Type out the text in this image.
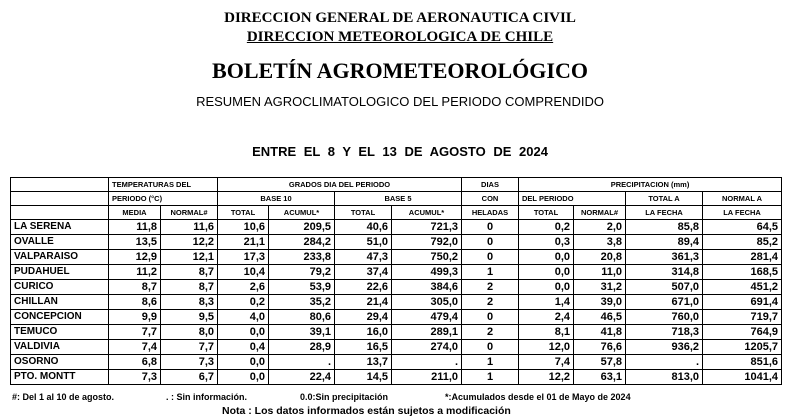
DIRECCION GENERAL DE AERONAUTICA CIVIL
DIRECCION METEOROLOGICA DE CHILE
BOLETÍN AGROMETEOROLÓGICO
RESUMEN AGROCLIMATOLOGICO DEL PERIODO COMPRENDIDO
ENTRE EL 8 Y EL 13 DE AGOSTO DE 2024
	TEMPERATURAS DEL		GRADOS DIA DEL PERIODO				DIAS	PRECIPITACION (mm)			
	PERIODO (°C)		BASE 10		BASE 5		CON	DEL PERIODO		TOTAL A	NORMAL A
	MEDIA	NORMAL#	TOTAL	ACUMUL*	TOTAL	ACUMUL*	HELADAS	TOTAL	NORMAL#	LA FECHA	LA FECHA
LA SERENA	11,8	11,6	10,6	209,5	40,6	721,3	0	0,2	2,0	85,8	64,5
OVALLE	13,5	12,2	21,1	284,2	51,0	792,0	0	0,3	3,8	89,4	85,2
VALPARAISO	12,9	12,1	17,3	233,8	47,3	750,2	0	0,0	20,8	361,3	281,4
PUDAHUEL	11,2	8,7	10,4	79,2	37,4	499,3	1	0,0	11,0	314,8	168,5
CURICO	8,7	8,7	2,6	53,9	22,6	384,6	2	0,0	31,2	507,0	451,2
CHILLAN	8,6	8,3	0,2	35,2	21,4	305,0	2	1,4	39,0	671,0	691,4
CONCEPCION	9,9	9,5	4,0	80,6	29,4	479,4	0	2,4	46,5	760,0	719,7
TEMUCO	7,7	8,0	0,0	39,1	16,0	289,1	2	8,1	41,8	718,3	764,9
VALDIVIA	7,4	7,7	0,4	28,9	16,5	274,0	0	12,0	76,6	936,2	1205,7
OSORNO	6,8	7,3	0,0	.	13,7	.	1	7,4	57,8	.	851,6
PTO. MONTT	7,3	6,7	0,0	22,4	14,5	211,0	1	12,2	63,1	813,0	1041,4
#: Del 1 al 10 de agosto.	. : Sin información.	0.0:Sin precipitación	*:Acumulados desde el 01 de Mayo de 2024
Nota : Los datos informados están sujetos a modificación
